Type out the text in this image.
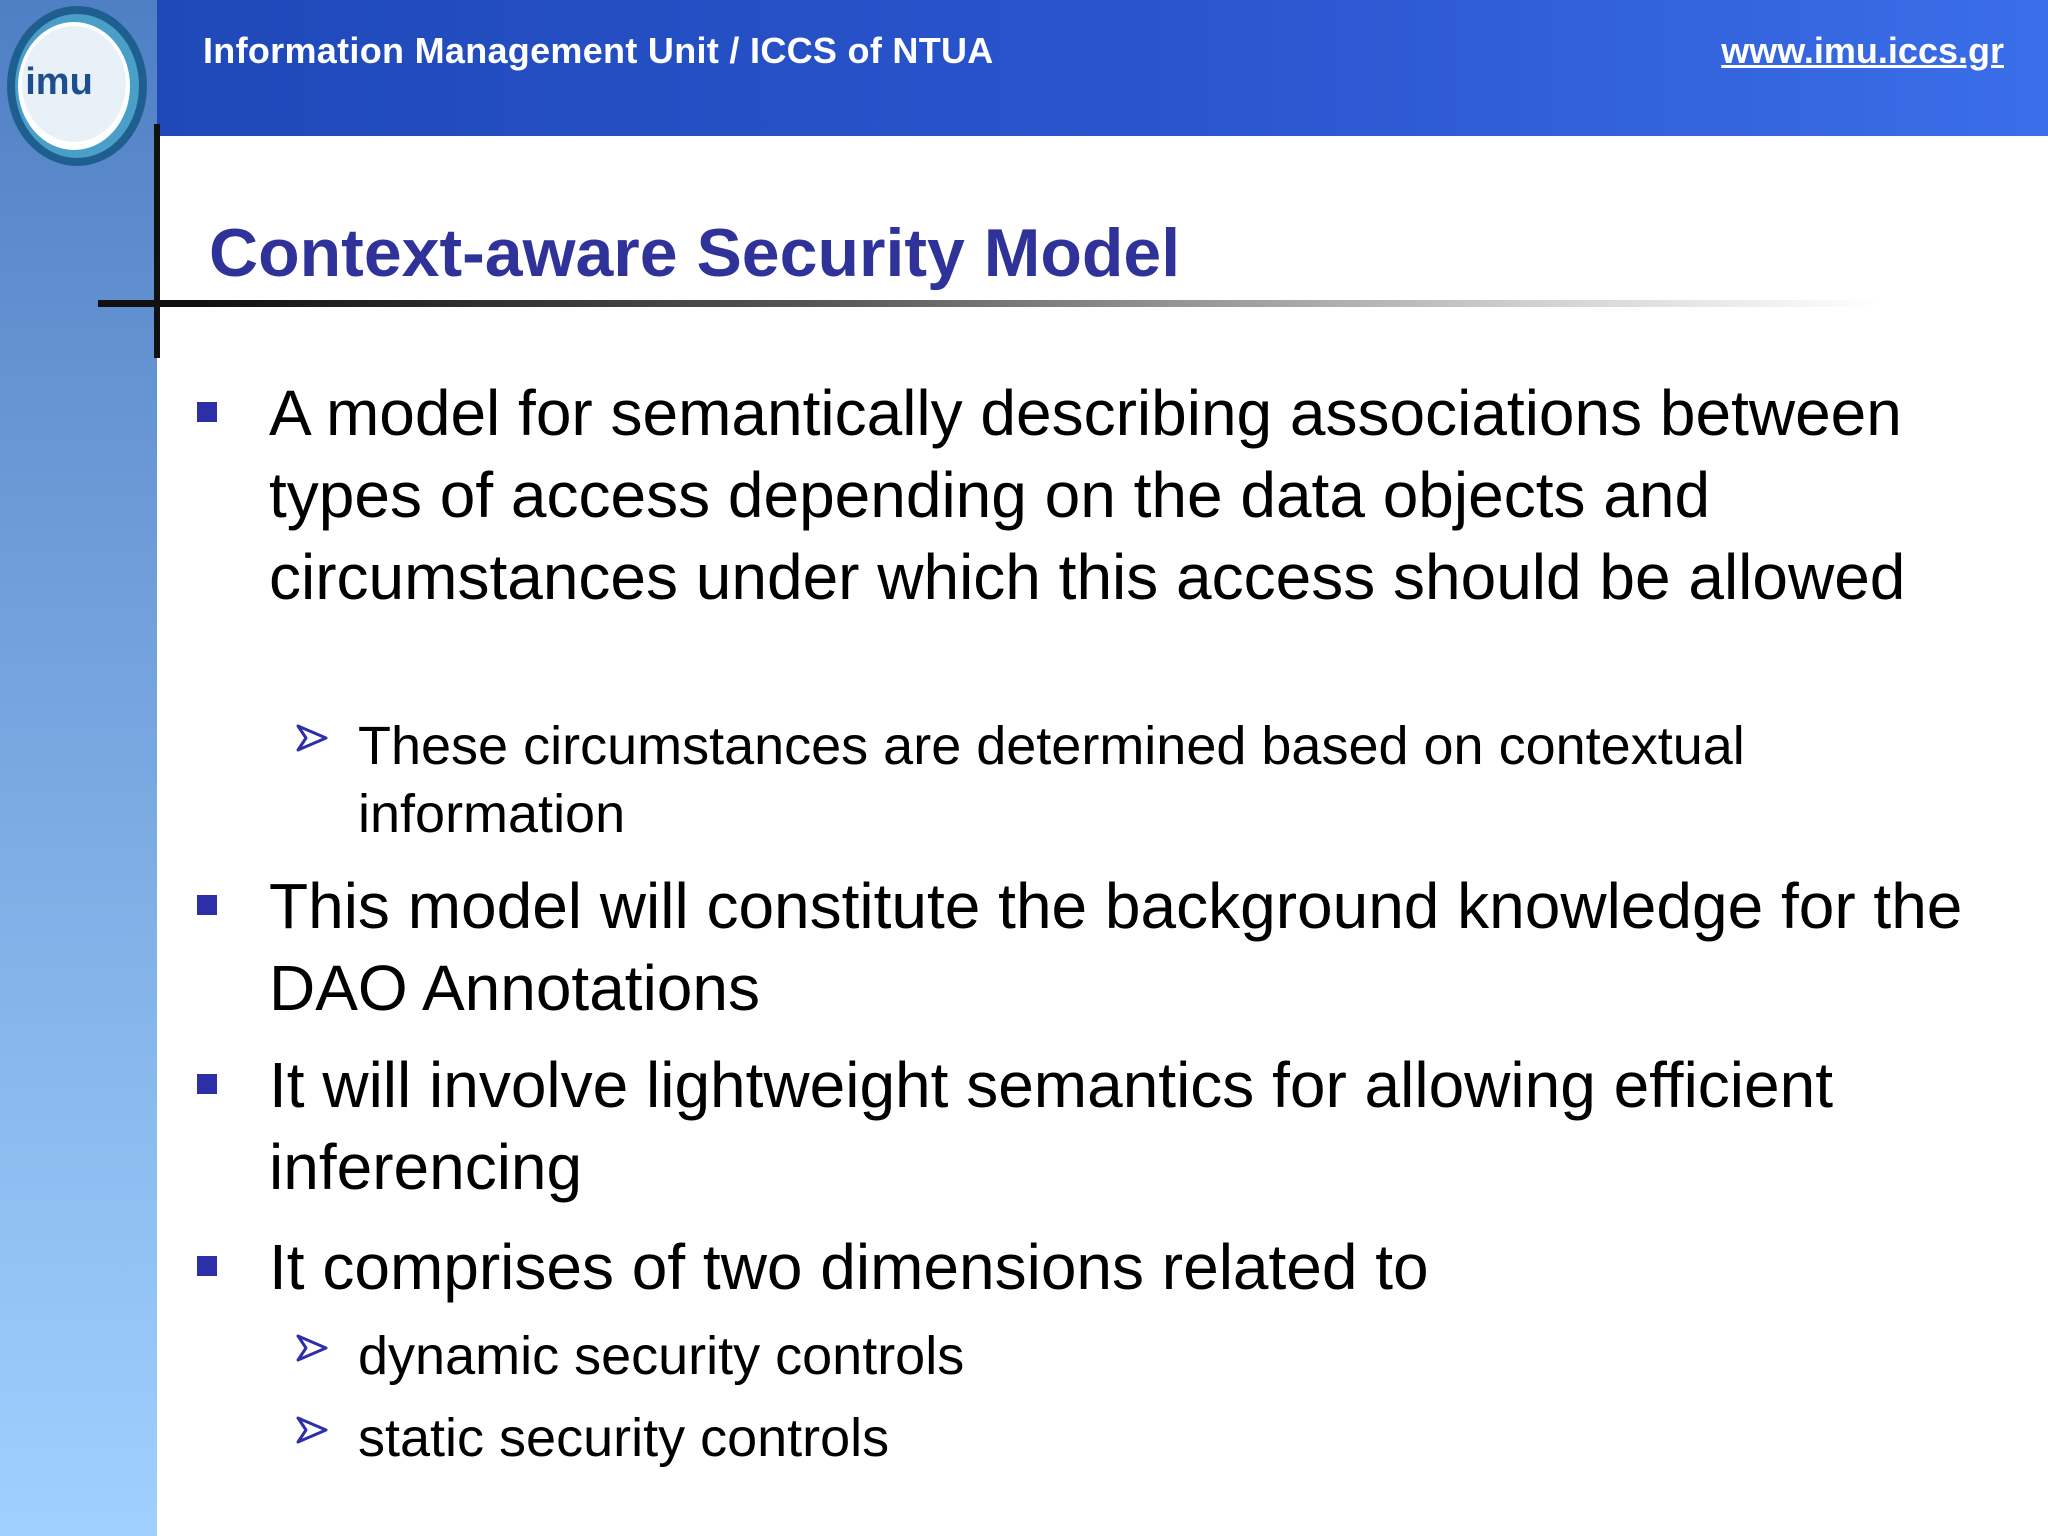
imu
Information Management Unit / ICCS of NTUA	www.imu.iccs.gr
Context-aware Security Model
A model for semantically describing associations between types of access depending on the data objects and circumstances under which this access should be allowed
These circumstances are determined based on contextual information
This model will constitute the background knowledge for the DAO Annotations
It will involve lightweight semantics for allowing efficient inferencing
It comprises of two dimensions related to
dynamic security controls
static security controls
